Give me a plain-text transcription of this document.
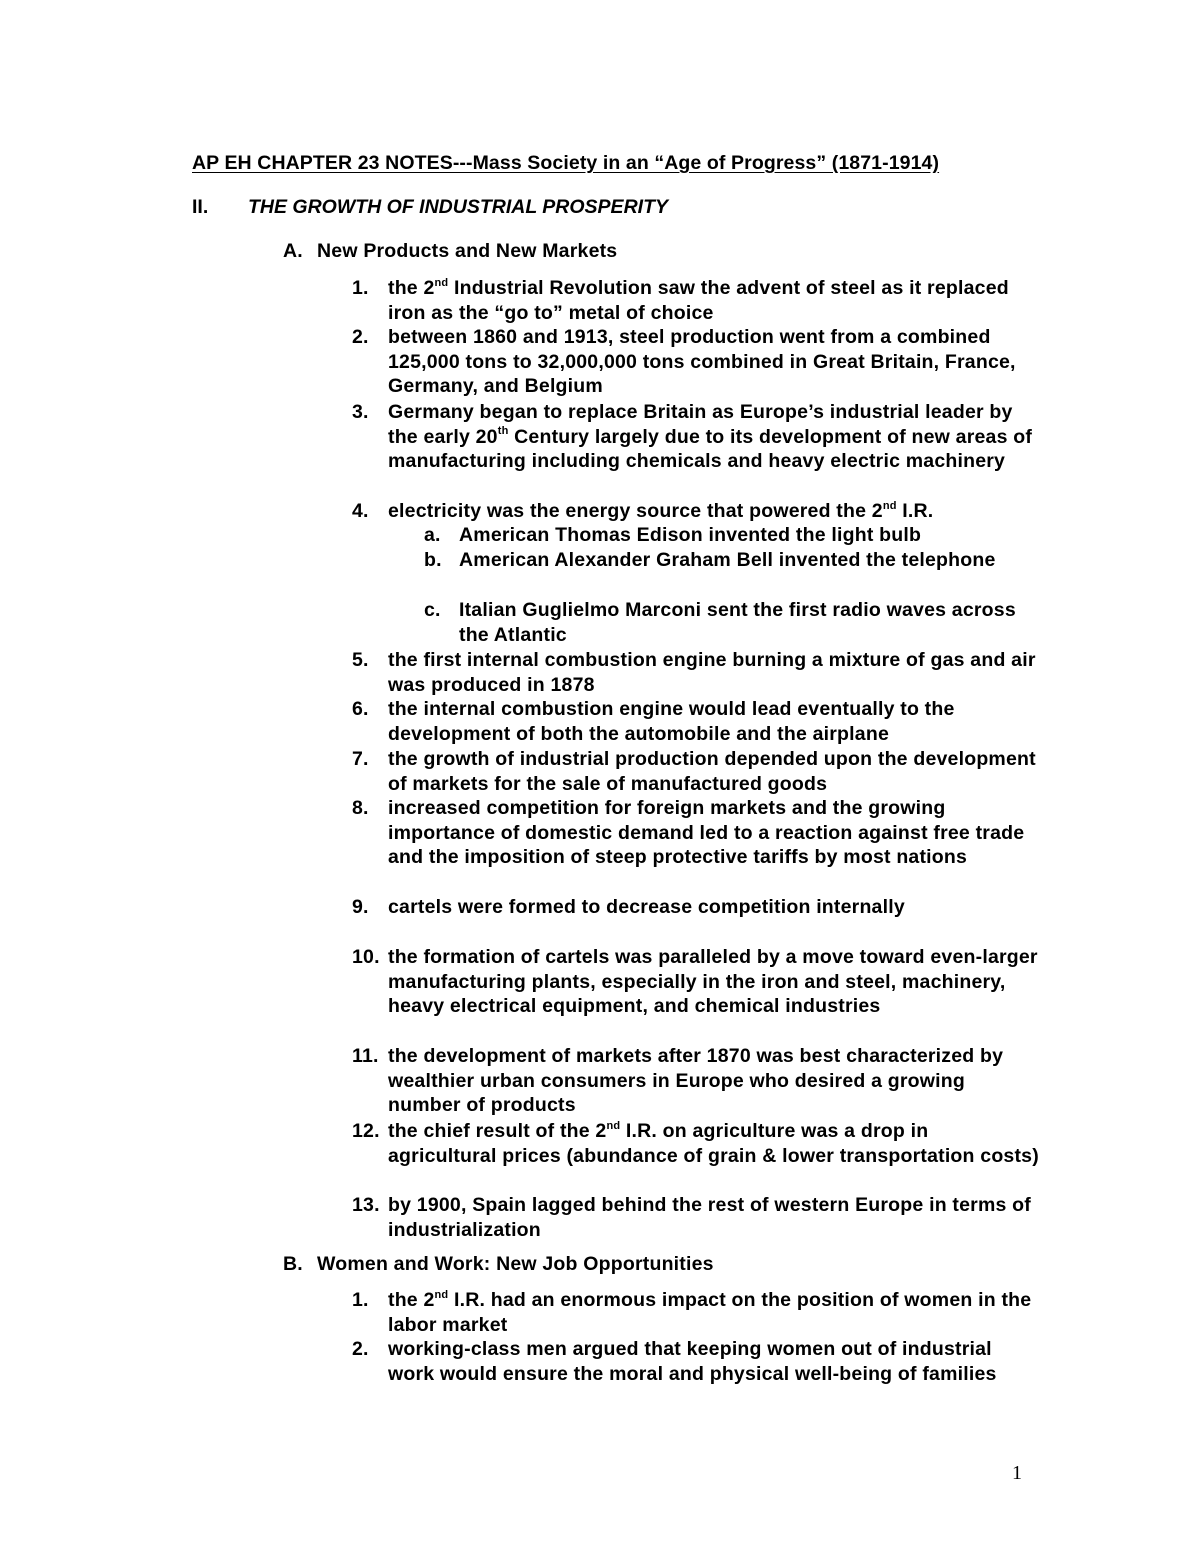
AP EH CHAPTER 23 NOTES---Mass Society in an “Age of Progress” (1871-1914)
II. THE GROWTH OF INDUSTRIAL PROSPERITY
A. New Products and New Markets
1. the 2nd Industrial Revolution saw the advent of steel as it replaced iron as the “go to” metal of choice
2. between 1860 and 1913, steel production went from a combined 125,000 tons to 32,000,000 tons combined in Great Britain, France, Germany, and Belgium
3. Germany began to replace Britain as Europe’s industrial leader by the early 20th Century largely due to its development of new areas of manufacturing including chemicals and heavy electric machinery
4. electricity was the energy source that powered the 2nd I.R.
a. American Thomas Edison invented the light bulb
b. American Alexander Graham Bell invented the telephone
c. Italian Guglielmo Marconi sent the first radio waves across the Atlantic
5. the first internal combustion engine burning a mixture of gas and air was produced in 1878
6. the internal combustion engine would lead eventually to the development of both the automobile and the airplane
7. the growth of industrial production depended upon the development of markets for the sale of manufactured goods
8. increased competition for foreign markets and the growing importance of domestic demand led to a reaction against free trade and the imposition of steep protective tariffs by most nations
9. cartels were formed to decrease competition internally
10. the formation of cartels was paralleled by a move toward even-larger manufacturing plants, especially in the iron and steel, machinery, heavy electrical equipment, and chemical industries
11. the development of markets after 1870 was best characterized by wealthier urban consumers in Europe who desired a growing number of products
12. the chief result of the 2nd I.R. on agriculture was a drop in agricultural prices (abundance of grain & lower transportation costs)
13. by 1900, Spain lagged behind the rest of western Europe in terms of industrialization
B. Women and Work: New Job Opportunities
1. the 2nd I.R. had an enormous impact on the position of women in the labor market
2. working-class men argued that keeping women out of industrial work would ensure the moral and physical well-being of families
1
